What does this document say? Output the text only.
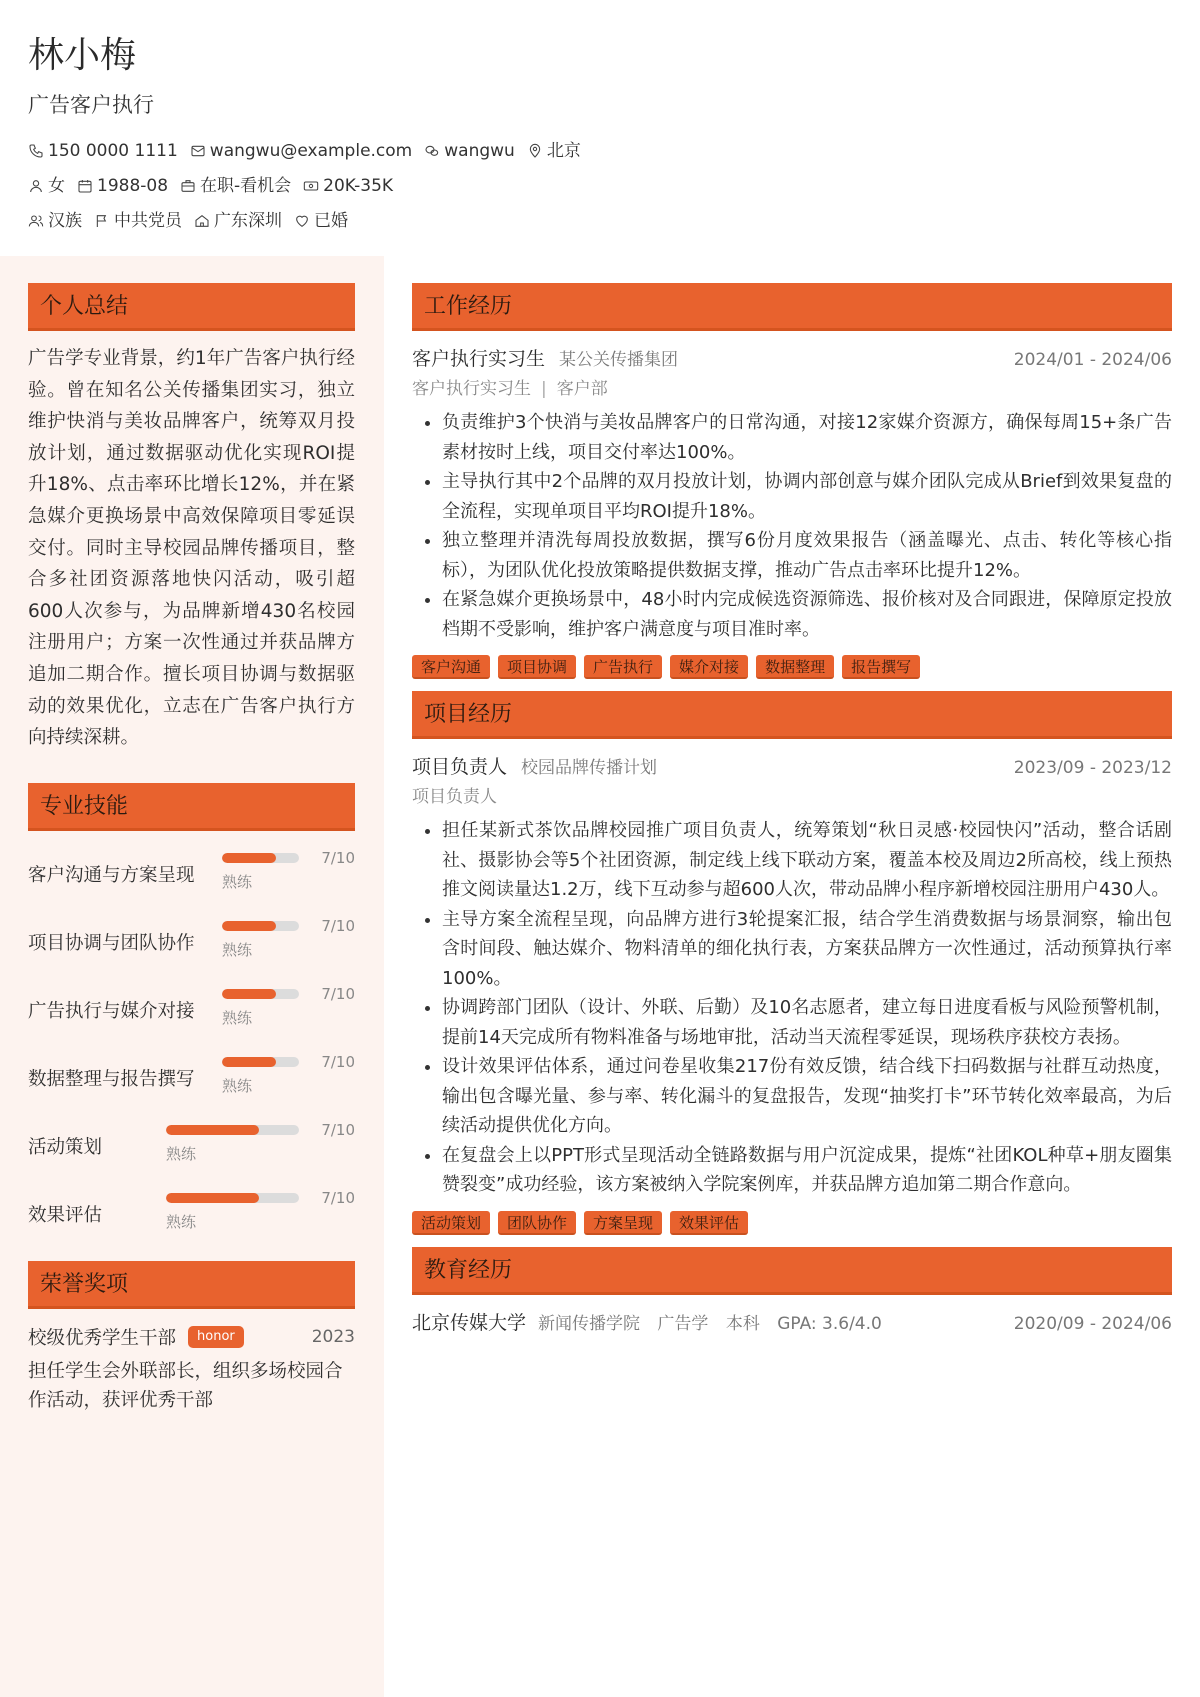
林小梅
广告客户执行
150 0000 1111 wangwu@example.com wangwu 北京
女 1988-08 在职-看机会 20K-35K
汉族 中共党员 广东深圳 已婚
个人总结

广告学专业背景，约1年广告客户执行经验。曾在知名公关传播集团实习，独立维护快消与美妆品牌客户，统筹双月投放计划，通过数据驱动优化实现ROI提升18%、点击率环比增长12%，并在紧急媒介更换场景中高效保障项目零延误交付。同时主导校园品牌传播项目，整合多社团资源落地快闪活动，吸引超600人次参与，为品牌新增430名校园注册用户；方案一次性通过并获品牌方追加二期合作。擅长项目协调与数据驱动的效果优化，立志在广告客户执行方向持续深耕。

专业技能
客户沟通与方案呈现
7/10
熟练
项目协调与团队协作
7/10
熟练
广告执行与媒介对接
7/10
熟练
数据整理与报告撰写
7/10
熟练
活动策划
7/10
熟练
效果评估
7/10
熟练
荣誉奖项
校级优秀学生干部	honor	2023
担任学生会外联部长，组织多场校园合作活动，获评优秀干部
工作经历
客户执行实习生 某公关传播集团	2024/01 - 2024/06
客户执行实习生 | 客户部
• 负责维护3个快消与美妆品牌客户的日常沟通，对接12家媒介资源方，确保每周15+条广告素材按时上线，项目交付率达100%。
• 主导执行其中2个品牌的双月投放计划，协调内部创意与媒介团队完成从Brief到效果复盘的全流程，实现单项目平均ROI提升18%。
• 独立整理并清洗每周投放数据，撰写6份月度效果报告（涵盖曝光、点击、转化等核心指标），为团队优化投放策略提供数据支撑，推动广告点击率环比提升12%。
• 在紧急媒介更换场景中，48小时内完成候选资源筛选、报价核对及合同跟进，保障原定投放档期不受影响，维护客户满意度与项目准时率。
客户沟通	项目协调	广告执行	媒介对接	数据整理	报告撰写
项目经历
项目负责人 校园品牌传播计划	2023/09 - 2023/12
项目负责人
• 担任某新式茶饮品牌校园推广项目负责人，统筹策划“秋日灵感·校园快闪”活动，整合话剧社、摄影协会等5个社团资源，制定线上线下联动方案，覆盖本校及周边2所高校，线上预热推文阅读量达1.2万，线下互动参与超600人次，带动品牌小程序新增校园注册用户430人。
• 主导方案全流程呈现，向品牌方进行3轮提案汇报，结合学生消费数据与场景洞察，输出包含时间段、触达媒介、物料清单的细化执行表，方案获品牌方一次性通过，活动预算执行率100%。
• 协调跨部门团队（设计、外联、后勤）及10名志愿者，建立每日进度看板与风险预警机制，提前14天完成所有物料准备与场地审批，活动当天流程零延误，现场秩序获校方表扬。
• 设计效果评估体系，通过问卷星收集217份有效反馈，结合线下扫码数据与社群互动热度，输出包含曝光量、参与率、转化漏斗的复盘报告，发现“抽奖打卡”环节转化效率最高，为后续活动提供优化方向。
• 在复盘会上以PPT形式呈现活动全链路数据与用户沉淀成果，提炼“社团KOL种草+朋友圈集赞裂变”成功经验，该方案被纳入学院案例库，并获品牌方追加第二期合作意向。
活动策划	团队协作	方案呈现	效果评估
教育经历
北京传媒大学 新闻传播学院 广告学 本科 GPA: 3.6/4.0	2020/09 - 2024/06
